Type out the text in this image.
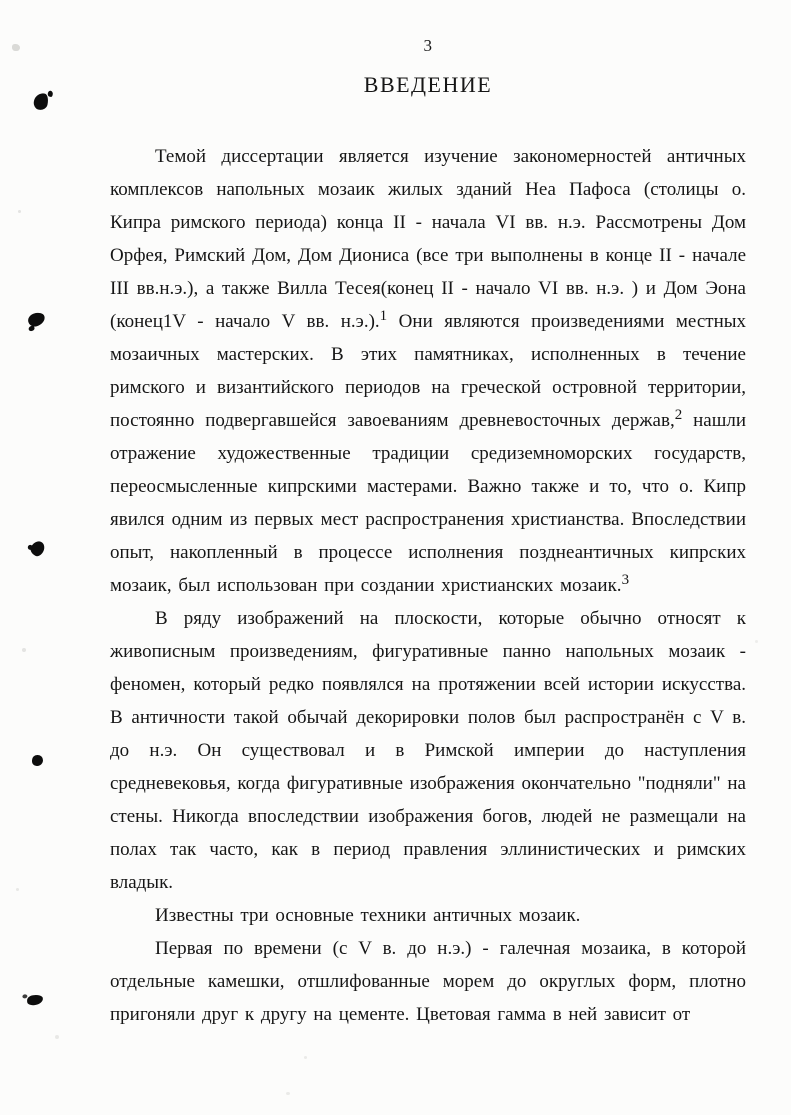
3
ВВЕДЕНИЕ

Темой диссертации является изучение закономерностей античных комплексов напольных мозаик жилых зданий Неа Пафоса (столицы о. Кипра римского периода) конца II - начала VI вв. н.э. Рассмотрены Дом Орфея, Римский Дом, Дом Диониса (все три выполнены в конце II - начале III вв.н.э.), а также Вилла Тесея(конец II - начало VI вв. н.э. ) и Дом Эона (конец1V - начало V вв. н.э.).$^1$ Они являются произведениями местных мозаичных мастерских. В этих памятниках, исполненных в течение римского и византийского периодов на греческой островной территории, постоянно подвергавшейся завоеваниям древневосточных держав,$^2$ нашли отражение художественные традиции средиземноморских государств, переосмысленные кипрскими мастерами. Важно также и то, что о. Кипр явился одним из первых мест распространения христианства. Впоследствии опыт, накопленный в процессе исполнения позднеантичных кипрских мозаик, был использован при создании христианских мозаик.$^3$

В ряду изображений на плоскости, которые обычно относят к живописным произведениям, фигуративные панно напольных мозаик - феномен, который редко появлялся на протяжении всей истории искусства. В античности такой обычай декорировки полов был распространён с V в. до н.э. Он существовал и в Римской империи до наступления средневековья, когда фигуративные изображения окончательно "подняли" на стены. Никогда впоследствии изображения богов, людей не размещали на полах так часто, как в период правления эллинистических и римских владык.

Известны три основные техники античных мозаик.

Первая по времени (с V в. до н.э.) - галечная мозаика, в которой отдельные камешки, отшлифованные морем до округлых форм, плотно пригоняли друг к другу на цементе. Цветовая гамма в ней зависит от
